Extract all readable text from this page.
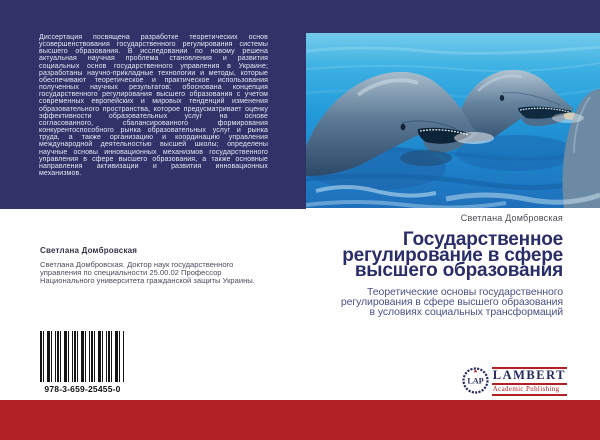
Диссертация посвящена разработке теоретических основ усовершенствования государственного регулирования системы высшего образования. В исследовании по новому решена актуальная научная проблема становления и развития социальных основ государственного управления в Украине; разработаны научно-прикладные технологии и методы, которые обеспечивают теоретическое и практическое использования полученных научных результатов; обоснована концепция государственного регулирования высшего образования с учетом современных европейских и мировых тенденций изменения образовательного пространства, которое предусматривает оценку эффективности образовательных услуг на основе согласованного, сбалансированного формирования конкурентоспособного рынка образовательных услуг и рынка труда, а также организацию и координацию управления международной деятельностью высшей школы; определены научные основы инновационных механизмов государственного управления в сфере высшего образования, а также основные направления активизации и развития инновационных механизмов.
Светлана Домбровская
Государственное
регулирование в сфере
высшего образования
Теоретические основы государственного
регулирования в сфере высшего образования
в условиях социальных трансформаций
Светлана Домбровская
Светлана Домбровская. Доктор наук государственного
управления по специальности 25.00.02 Профессор
Национального университета гражданской защиты Украины.
978-3-659-25455-0
LAP LAMBERT
Academic Publishing
